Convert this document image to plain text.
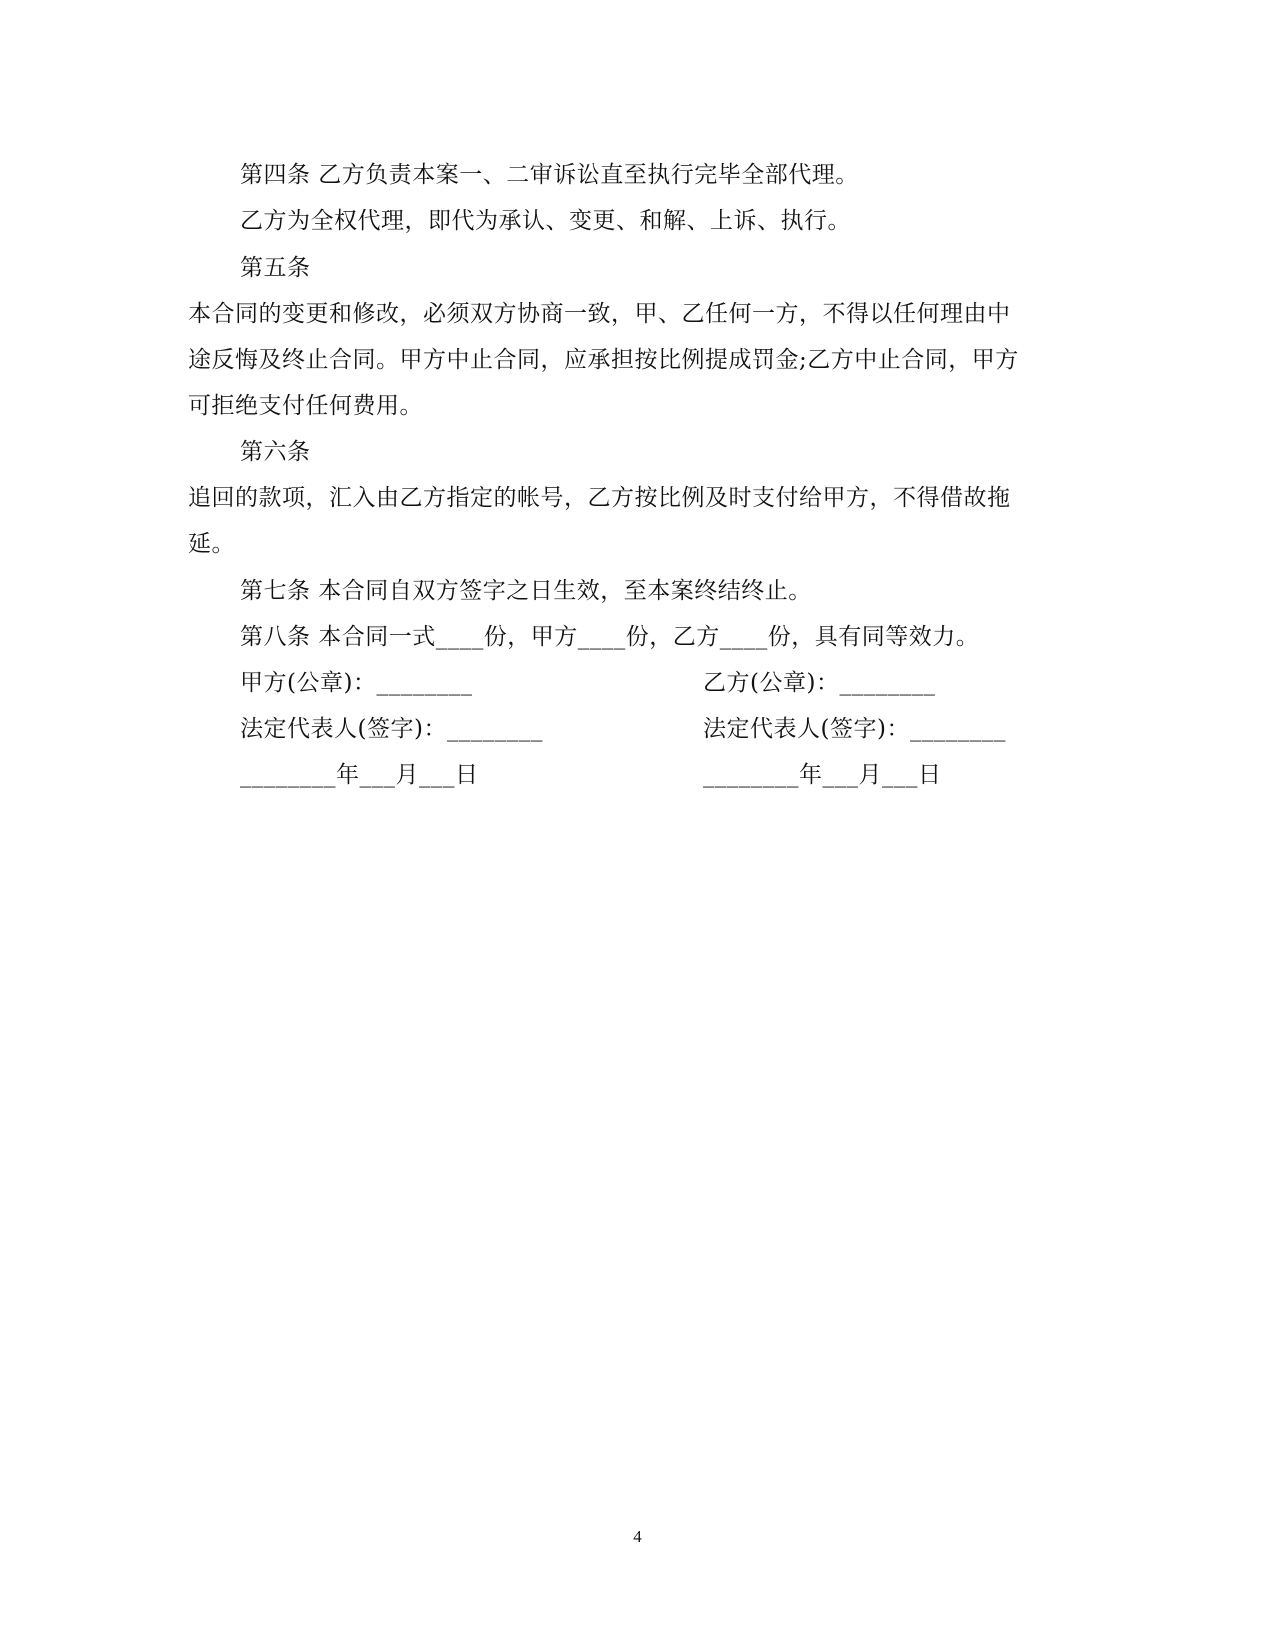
第四条 乙方负责本案一、二审诉讼直至执行完毕全部代理。
乙方为全权代理，即代为承认、变更、和解、上诉、执行。
第五条
本合同的变更和修改，必须双方协商一致，甲、乙任何一方，不得以任何理由中
途反悔及终止合同。甲方中止合同，应承担按比例提成罚金;乙方中止合同，甲方
可拒绝支付任何费用。
第六条
追回的款项，汇入由乙方指定的帐号，乙方按比例及时支付给甲方，不得借故拖
延。
第七条 本合同自双方签字之日生效，至本案终结终止。
第八条 本合同一式____份，甲方____份，乙方____份，具有同等效力。
甲方(公章)：________	乙方(公章)：________
法定代表人(签字)：________	法定代表人(签字)：________
________年___月___日	________年___月___日
4
